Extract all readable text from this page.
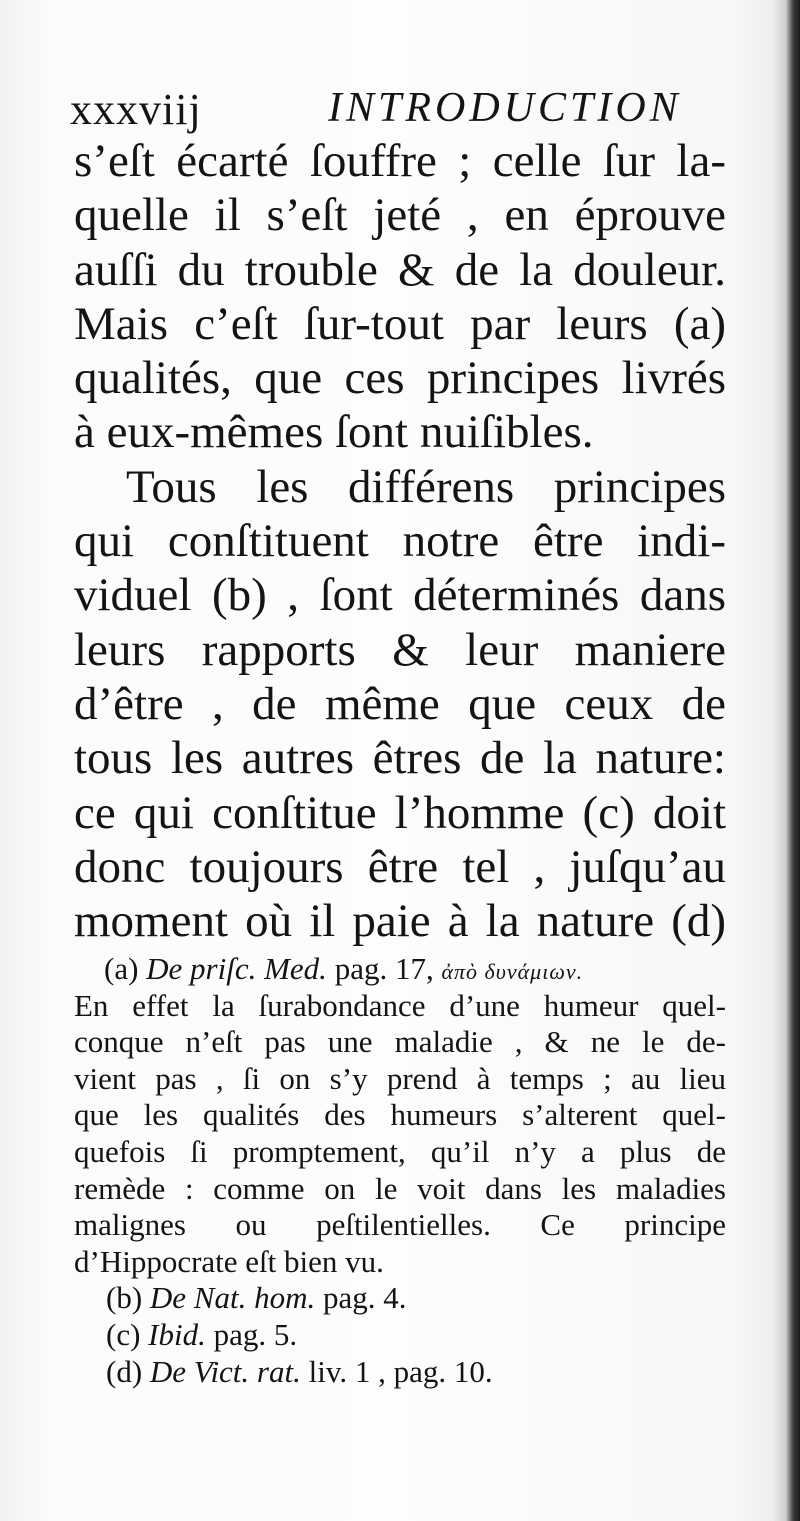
xxxviij	INTRODUCTION
s’eſt écarté ſouffre ; celle ſur la-
quelle il s’eſt jeté , en éprouve
auſſi du trouble & de la douleur.
Mais c’eſt ſur-tout par leurs (a)
qualités, que ces principes livrés
à eux-mêmes ſont nuiſibles.
Tous les différens principes
qui conſtituent notre être indi-
viduel (b) , ſont déterminés dans
leurs rapports & leur maniere
d’être , de même que ceux de
tous les autres êtres de la nature:
ce qui conſtitue l’homme (c) doit
donc toujours être tel , juſqu’au
moment où il paie à la nature (d)
(a) De priſc. Med. pag. 17, ἀπὸ δυνάμιων.
En effet la ſurabondance d’une humeur quel-
conque n’eſt pas une maladie , & ne le de-
vient pas , ſi on s’y prend à temps ; au lieu
que les qualités des humeurs s’alterent quel-
quefois ſi promptement, qu’il n’y a plus de
remède : comme on le voit dans les maladies
malignes ou peſtilentielles. Ce principe
d’Hippocrate eſt bien vu.
(b) De Nat. hom. pag. 4.
(c) Ibid. pag. 5.
(d) De Vict. rat. liv. 1 , pag. 10.
